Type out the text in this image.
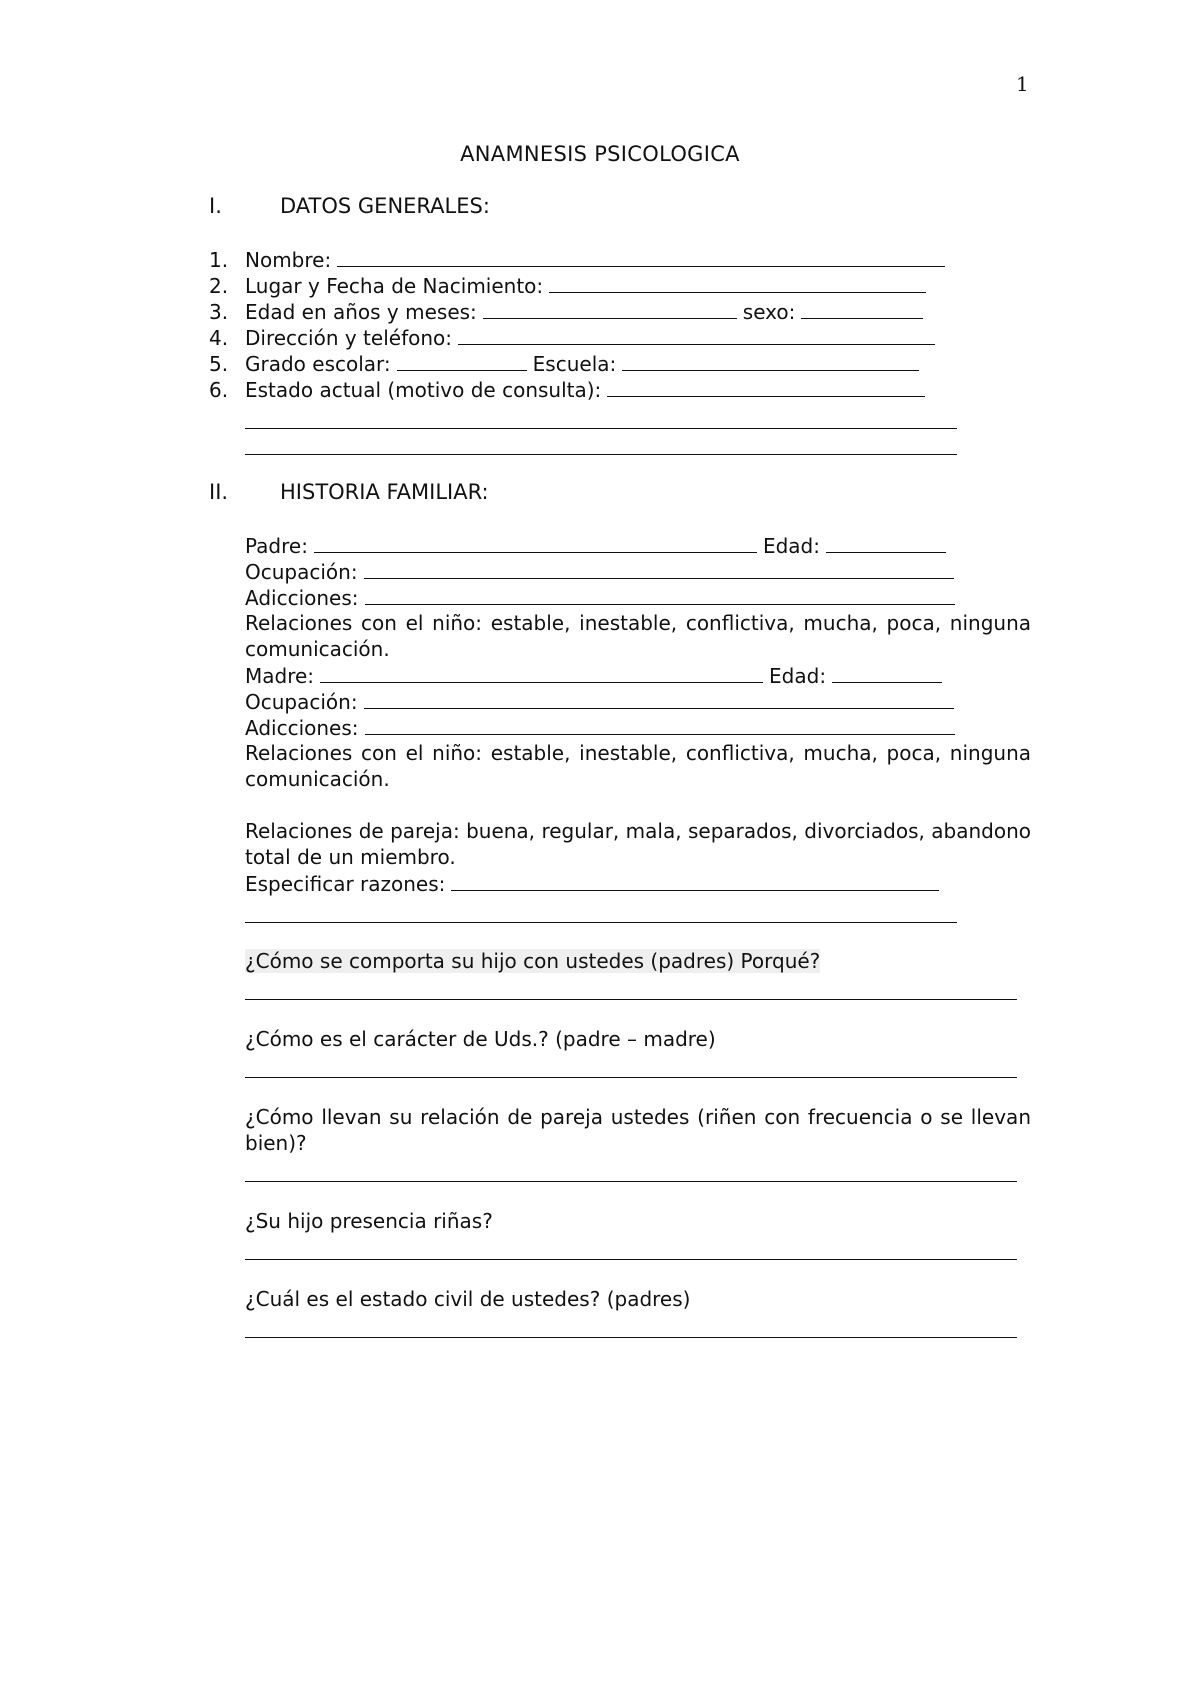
1
ANAMNESIS PSICOLOGICA
I.	DATOS GENERALES:
1. Nombre:
2. Lugar y Fecha de Nacimiento:
3. Edad en años y meses:	sexo:
4. Dirección y teléfono:
5. Grado escolar:	Escuela:
6. Estado actual (motivo de consulta):
II. HISTORIA FAMILIAR:
Padre:	Edad:
Ocupación:
Adicciones:
Relaciones con el niño: estable, inestable, conflictiva, mucha, poca, ninguna comunicación.
Madre:	Edad:
Ocupación:
Adicciones:
Relaciones con el niño: estable, inestable, conflictiva, mucha, poca, ninguna comunicación.
Relaciones de pareja: buena, regular, mala, separados, divorciados, abandono total de un miembro.
Especificar razones:
¿Cómo se comporta su hijo con ustedes (padres) Porqué?
¿Cómo es el carácter de Uds.? (padre – madre)
¿Cómo llevan su relación de pareja ustedes (riñen con frecuencia o se llevan bien)?
¿Su hijo presencia riñas?
¿Cuál es el estado civil de ustedes? (padres)
